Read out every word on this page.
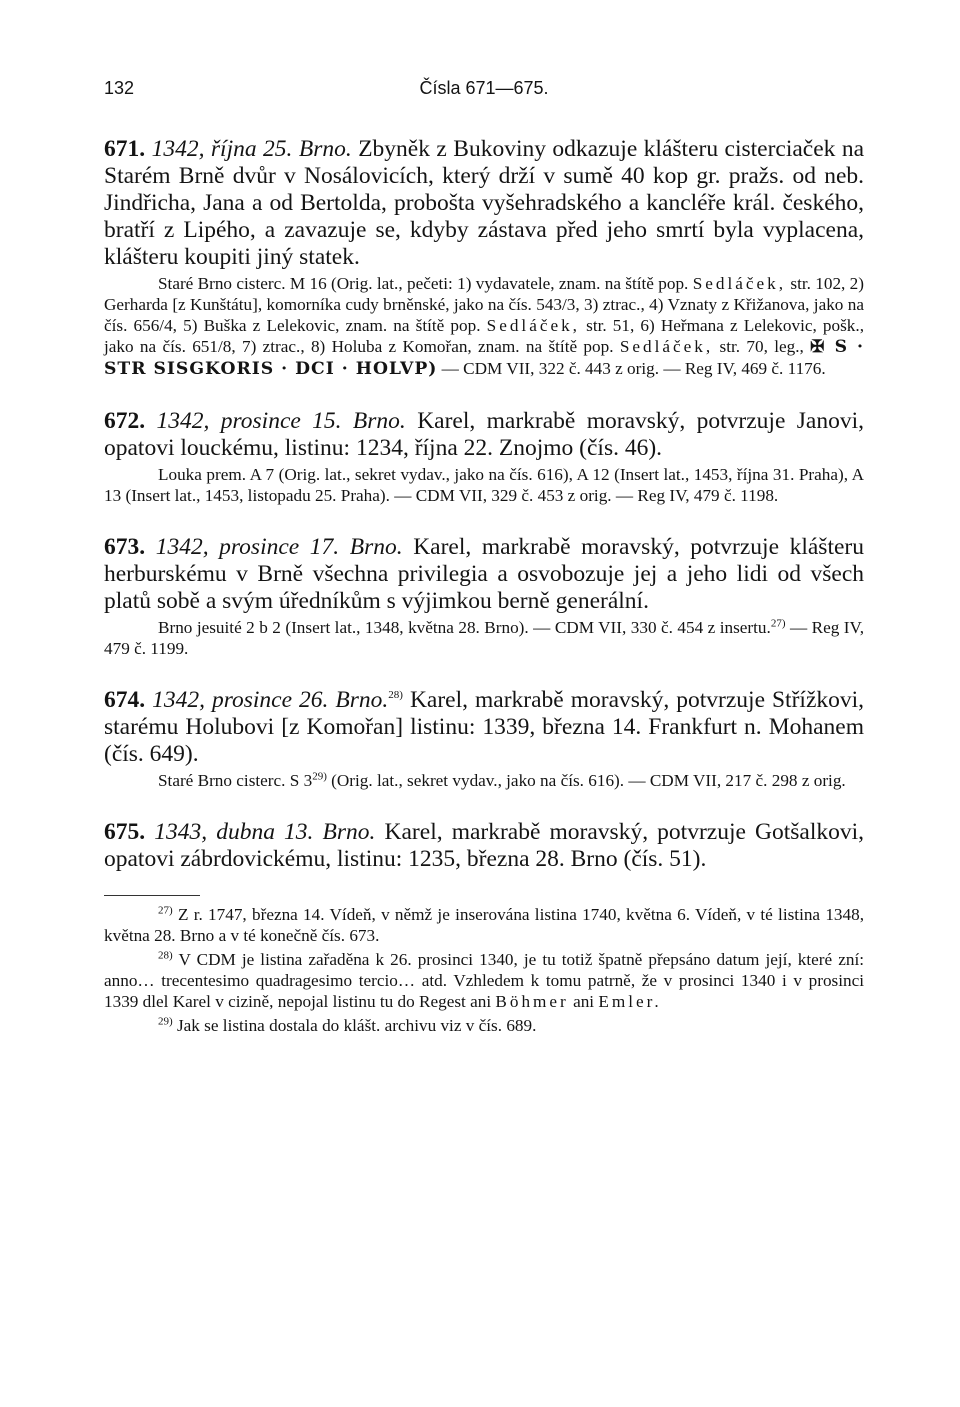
132	Čísla 671—675.

671. 1342, října 25. Brno. Zbyněk z Bukoviny odkazuje klášteru cisterciaček na Starém Brně dvůr v Nosálovicích, který drží v sumě 40 kop gr. pražs. od neb. Jindřicha, Jana a od Bertolda, probošta vyšehradského a kancléře král. českého, bratří z Lipého, a zavazuje se, kdyby zástava před jeho smrtí byla vyplacena, klášteru koupiti jiný statek.

Staré Brno cisterc. M 16 (Orig. lat., pečeti: 1) vydavatele, znam. na štítě pop. Sedláček, str. 102, 2) Gerharda [z Kunštátu], komorníka cudy brněnské, jako na čís. 543/3, 3) ztrac., 4) Vznaty z Křižanova, jako na čís. 656/4, 5) Buška z Lelekovic, znam. na štítě pop. Sedláček, str. 51, 6) Heřmana z Lelekovic, pošk., jako na čís. 651/8, 7) ztrac., 8) Holuba z Komořan, znam. na štítě pop. Sedláček, str. 70, leg., ✠ S · STR SISGKORIS · DCI · HOLVP) — CDM VII, 322 č. 443 z orig. — Reg IV, 469 č. 1176.

672. 1342, prosince 15. Brno. Karel, markrabě moravský, potvrzuje Janovi, opatovi louckému, listinu: 1234, října 22. Znojmo (čís. 46).

Louka prem. A 7 (Orig. lat., sekret vydav., jako na čís. 616), A 12 (Insert lat., 1453, října 31. Praha), A 13 (Insert lat., 1453, listopadu 25. Praha). — CDM VII, 329 č. 453 z orig. — Reg IV, 479 č. 1198.

673. 1342, prosince 17. Brno. Karel, markrabě moravský, potvrzuje klášteru herburskému v Brně všechna privilegia a osvobozuje jej a jeho lidi od všech platů sobě a svým úředníkům s výjimkou berně generální.

Brno jesuité 2 b 2 (Insert lat., 1348, května 28. Brno). — CDM VII, 330 č. 454 z insertu.$^{27)}$ — Reg IV, 479 č. 1199.

674. 1342, prosince 26. Brno.$^{28)}$ Karel, markrabě moravský, potvrzuje Střížkovi, starému Holubovi [z Komořan] listinu: 1339, března 14. Frankfurt n. Mohanem (čís. 649).

Staré Brno cisterc. S 3$^{29)}$ (Orig. lat., sekret vydav., jako na čís. 616). — CDM VII, 217 č. 298 z orig.

675. 1343, dubna 13. Brno. Karel, markrabě moravský, potvrzuje Gotšalkovi, opatovi zábrdovickému, listinu: 1235, března 28. Brno (čís. 51).

$^{27)}$ Z r. 1747, března 14. Vídeň, v němž je inserována listina 1740, května 6. Vídeň, v té listina 1348, května 28. Brno a v té konečně čís. 673.

$^{28)}$ V CDM je listina zařaděna k 26. prosinci 1340, je tu totiž špatně přepsáno datum její, které zní: anno… trecentesimo quadragesimo tercio… atd. Vzhledem k tomu patrně, že v prosinci 1340 i v prosinci 1339 dlel Karel v cizině, nepojal listinu tu do Regest ani Böhmer ani Emler.

$^{29)}$ Jak se listina dostala do klášt. archivu viz v čís. 689.
